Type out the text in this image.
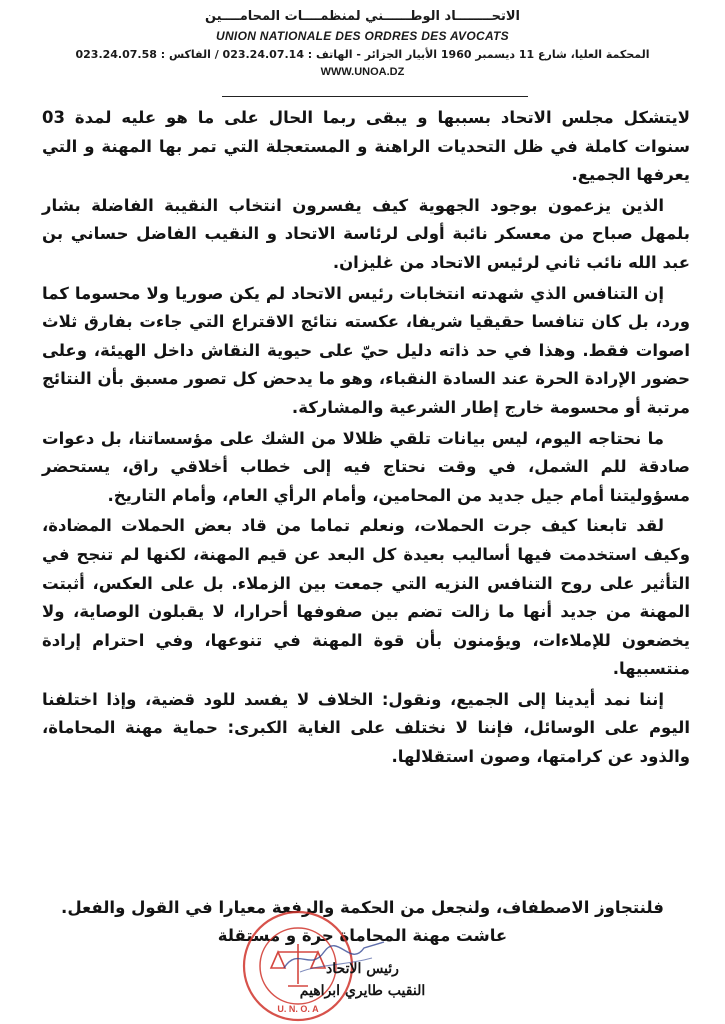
الاتحــــــــاد الوطــــــني لمنظمــــات المحامــــين
UNION NATIONALE DES ORDRES DES AVOCATS
المحكمة العليا، شارع 11 ديسمبر 1960 الأبيار الجزائر - الهاتف : 023.24.07.14 / الفاكس : 023.24.07.58
WWW.UNOA.DZ

لايتشكل مجلس الاتحاد بسببها و يبقى ربما الحال على ما هو عليه لمدة 03 سنوات كاملة في ظل التحديات الراهنة و المستعجلة التي تمر بها المهنة و التي يعرفها الجميع.

الذين يزعمون بوجود الجهوية كيف يفسرون انتخاب النقيبة الفاضلة بشار بلمهل صباح من معسكر نائبة أولى لرئاسة الاتحاد و النقيب الفاضل حساني بن عبد الله نائب ثاني لرئيس الاتحاد من غليزان.

إن التنافس الذي شهدته انتخابات رئيس الاتحاد لم يكن صوريا ولا محسوما كما ورد، بل كان تنافسا حقيقيا شريفا، عكسته نتائج الاقتراع التي جاءت بفارق ثلاث اصوات فقط. وهذا في حد ذاته دليل حيّ على حيوية النقاش داخل الهيئة، وعلى حضور الإرادة الحرة عند السادة النقباء، وهو ما يدحض كل تصور مسبق بأن النتائج مرتبة أو محسومة خارج إطار الشرعية والمشاركة.

ما نحتاجه اليوم، ليس بيانات تلقي ظلالا من الشك على مؤسساتنا، بل دعوات صادقة للم الشمل، في وقت نحتاج فيه إلى خطاب أخلاقي راق، يستحضر مسؤوليتنا أمام جيل جديد من المحامين، وأمام الرأي العام، وأمام التاريخ.

لقد تابعنا كيف جرت الحملات، ونعلم تماما من قاد بعض الحملات المضادة، وكيف استخدمت فيها أساليب بعيدة كل البعد عن قيم المهنة، لكنها لم تنجح في التأثير على روح التنافس النزيه التي جمعت بين الزملاء. بل على العكس، أثبتت المهنة من جديد أنها ما زالت تضم بين صفوفها أحرارا، لا يقبلون الوصاية، ولا يخضعون للإملاءات، ويؤمنون بأن قوة المهنة في تنوعها، وفي احترام إرادة منتسبيها.

إننا نمد أيدينا إلى الجميع، ونقول: الخلاف لا يفسد للود قضية، وإذا اختلفنا اليوم على الوسائل، فإننا لا نختلف على الغاية الكبرى: حماية مهنة المحاماة، والذود عن كرامتها، وصون استقلالها.

فلنتجاوز الاصطفاف، ولنجعل من الحكمة والرفعة معيارا في القول والفعل.
عاشت مهنة المحاماة حرة و مستقلة
U. N. O. A
رئيس الاتحاد
النقيب طايري ابراهيم
